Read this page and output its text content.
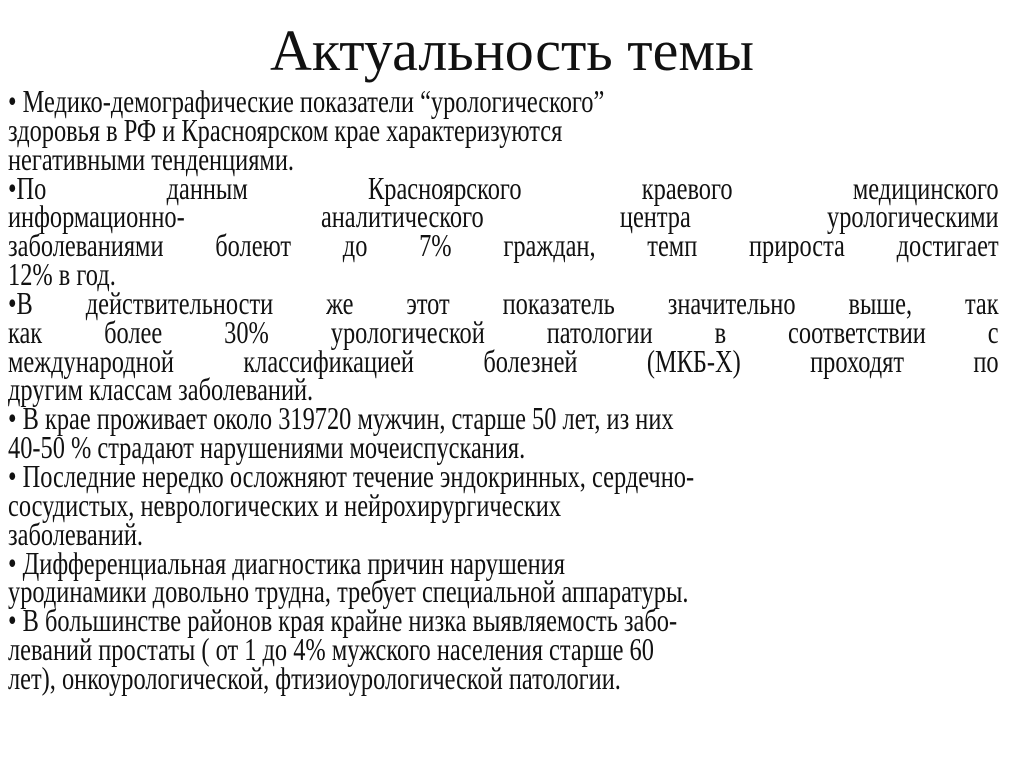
Актуальность темы
• Медико-демографические показатели “урологического”
здоровья в РФ и Красноярском крае характеризуются
негативными тенденциями.
•По данным Красноярского краевого медицинского
информационно- аналитического центра урологическими
заболеваниями болеют до 7% граждан, темп прироста достигает
12% в год.
•В действительности же этот показатель значительно выше, так
как более 30% урологической патологии в соответствии с
международной классификацией болезней (МКБ-Х) проходят по
другим классам заболеваний.
• В крае проживает около 319720 мужчин, старше 50 лет, из них
40-50 % страдают нарушениями мочеиспускания.
• Последние нередко осложняют течение эндокринных, сердечно-
сосудистых, неврологических и нейрохирургических
заболеваний.
• Дифференциальная диагностика причин нарушения
уродинамики довольно трудна, требует специальной аппаратуры.
• В большинстве районов края крайне низка выявляемость забо-
леваний простаты ( от 1 до 4% мужского населения старше 60
лет), онкоурологической, фтизиоурологической патологии.
